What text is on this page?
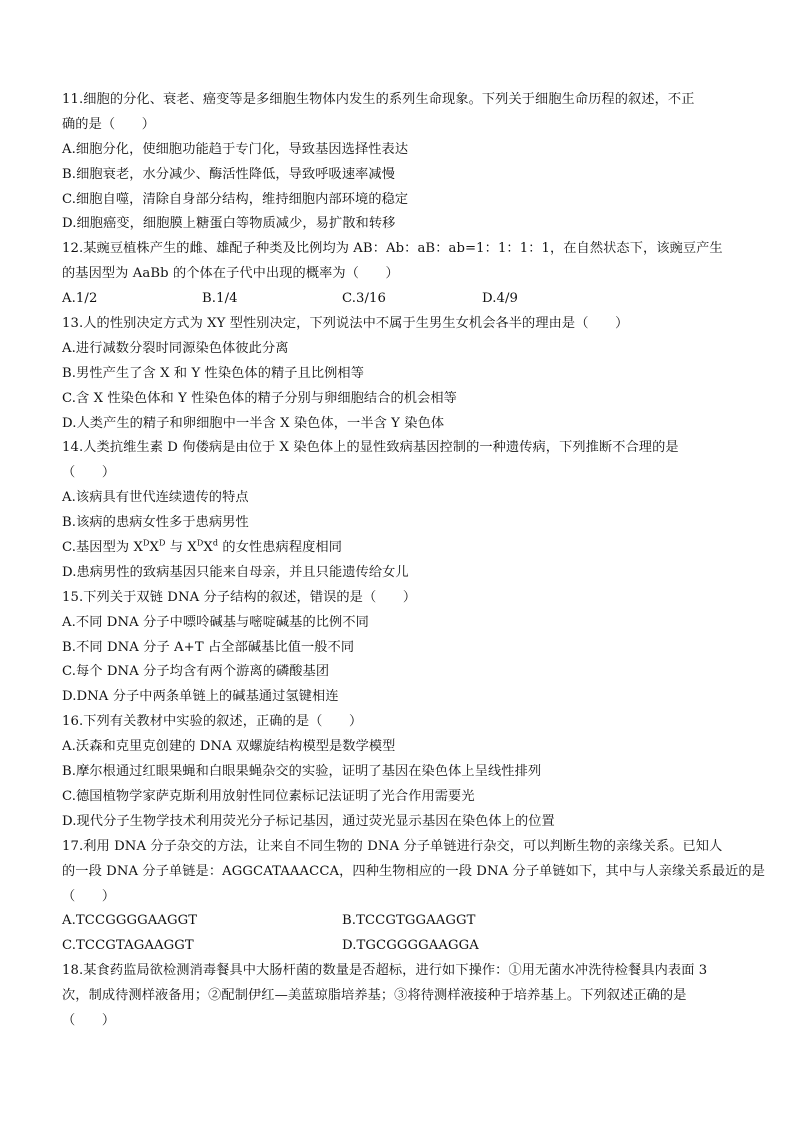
11.细胞的分化、衰老、癌变等是多细胞生物体内发生的系列生命现象。下列关于细胞生命历程的叙述，不正
确的是（　　）
A.细胞分化，使细胞功能趋于专门化，导致基因选择性表达
B.细胞衰老，水分减少、酶活性降低，导致呼吸速率减慢
C.细胞自噬，清除自身部分结构，维持细胞内部环境的稳定
D.细胞癌变，细胞膜上糖蛋白等物质减少，易扩散和转移
12.某豌豆植株产生的雌、雄配子种类及比例均为 AB：Ab：aB：ab=1：1：1：1，在自然状态下，该豌豆产生
的基因型为 AaBb 的个体在子代中出现的概率为（　　）
A.1/2	B.1/4	C.3/16	D.4/9
13.人的性别决定方式为 XY 型性别决定，下列说法中不属于生男生女机会各半的理由是（　　）
A.进行减数分裂时同源染色体彼此分离
B.男性产生了含 X 和 Y 性染色体的精子且比例相等
C.含 X 性染色体和 Y 性染色体的精子分别与卵细胞结合的机会相等
D.人类产生的精子和卵细胞中一半含 X 染色体，一半含 Y 染色体
14.人类抗维生素 D 佝偻病是由位于 X 染色体上的显性致病基因控制的一种遗传病，下列推断不合理的是
（　　）
A.该病具有世代连续遗传的特点
B.该病的患病女性多于患病男性
C.基因型为 $X^DX^D$ 与 $X^DX^d$ 的女性患病程度相同
D.患病男性的致病基因只能来自母亲，并且只能遗传给女儿
15.下列关于双链 DNA 分子结构的叙述，错误的是（　　）
A.不同 DNA 分子中嘌呤碱基与嘧啶碱基的比例不同
B.不同 DNA 分子 A+T 占全部碱基比值一般不同
C.每个 DNA 分子均含有两个游离的磷酸基团
D.DNA 分子中两条单链上的碱基通过氢键相连
16.下列有关教材中实验的叙述，正确的是（　　）
A.沃森和克里克创建的 DNA 双螺旋结构模型是数学模型
B.摩尔根通过红眼果蝇和白眼果蝇杂交的实验，证明了基因在染色体上呈线性排列
C.德国植物学家萨克斯利用放射性同位素标记法证明了光合作用需要光
D.现代分子生物学技术利用荧光分子标记基因，通过荧光显示基因在染色体上的位置
17.利用 DNA 分子杂交的方法，让来自不同生物的 DNA 分子单链进行杂交，可以判断生物的亲缘关系。已知人
的一段 DNA 分子单链是：AGGCATAAACCA，四种生物相应的一段 DNA 分子单链如下，其中与人亲缘关系最近的是
（　　）
A.TCCGGGGAAGGT	B.TCCGTGGAAGGT
C.TCCGTAGAAGGT	D.TGCGGGGAAGGA
18.某食药监局欲检测消毒餐具中大肠杆菌的数量是否超标，进行如下操作：①用无菌水冲洗待检餐具内表面 3
次，制成待测样液备用；②配制伊红—美蓝琼脂培养基；③将待测样液接种于培养基上。下列叙述正确的是
（　　）
